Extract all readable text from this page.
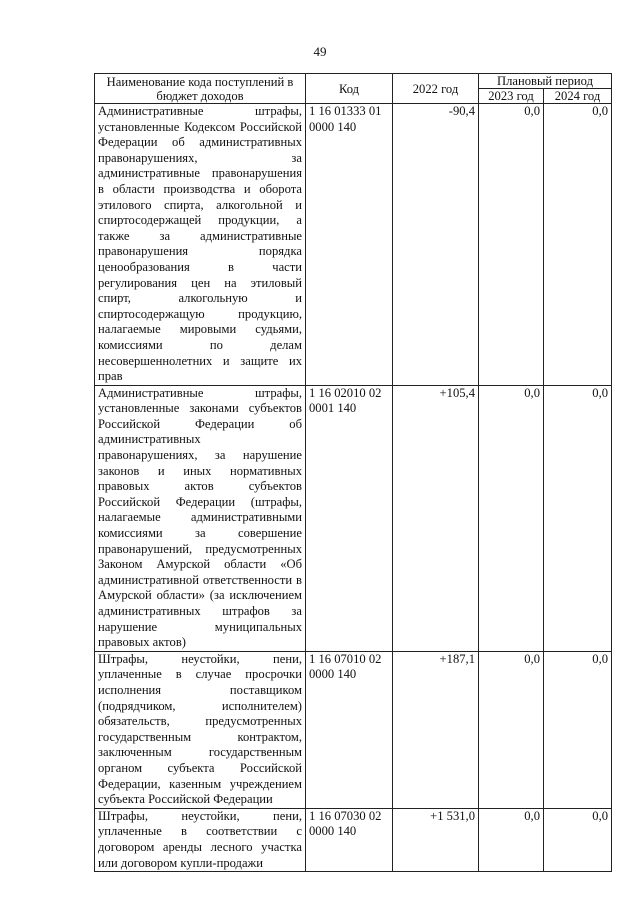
49
Наименование кода поступлений в бюджет доходов	Код	2022 год	Плановый период	
			2023 год	2024 год
Административные штрафы, установленные Кодексом Российской Федерации об административных правонарушениях, за административные правонарушения в области производства и оборота этилового спирта, алкогольной и спиртосодержащей продукции, а также за административные правонарушения порядка ценообразования в части регулирования цен на этиловый спирт, алкогольную и спиртосодержащую продукцию, налагаемые мировыми судьями, комиссиями по делам несовершеннолетних и защите их прав	1 16 01333 01 0000 140	-90,4	0,0	0,0
Административные штрафы, установленные законами субъектов Российской Федерации об административных правонарушениях, за нарушение законов и иных нормативных правовых актов субъектов Российской Федерации (штрафы, налагаемые административными комиссиями за совершение правонарушений, предусмотренных Законом Амурской области «Об административной ответственности в Амурской области» (за исключением административных штрафов за нарушение муниципальных правовых актов)	1 16 02010 02 0001 140	+105,4	0,0	0,0
Штрафы, неустойки, пени, уплаченные в случае просрочки исполнения поставщиком (подрядчиком, исполнителем) обязательств, предусмотренных государственным контрактом, заключенным государственным органом субъекта Российской Федерации, казенным учреждением субъекта Российской Федерации	1 16 07010 02 0000 140	+187,1	0,0	0,0
Штрафы, неустойки, пени, уплаченные в соответствии с договором аренды лесного участка или договором купли-продажи	1 16 07030 02 0000 140	+1 531,0	0,0	0,0
